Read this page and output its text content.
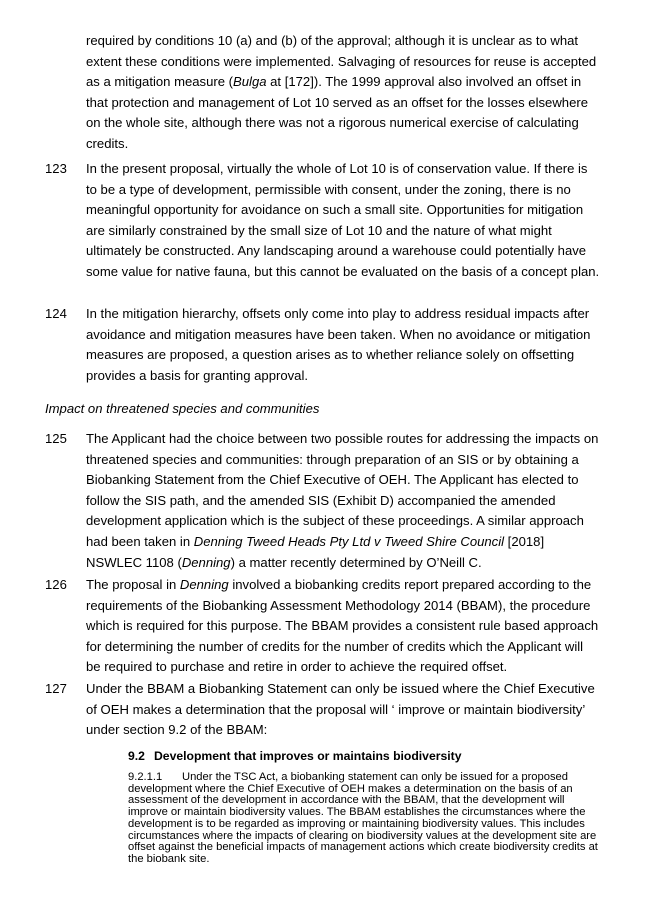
required by conditions 10 (a) and (b) of the approval; although it is unclear as to what extent these conditions were implemented. Salvaging of resources for reuse is accepted as a mitigation measure (Bulga at [172]). The 1999 approval also involved an offset in that protection and management of Lot 10 served as an offset for the losses elsewhere on the whole site, although there was not a rigorous numerical exercise of calculating credits.
123 In the present proposal, virtually the whole of Lot 10 is of conservation value. If there is to be a type of development, permissible with consent, under the zoning, there is no meaningful opportunity for avoidance on such a small site. Opportunities for mitigation are similarly constrained by the small size of Lot 10 and the nature of what might ultimately be constructed. Any landscaping around a warehouse could potentially have some value for native fauna, but this cannot be evaluated on the basis of a concept plan.
124 In the mitigation hierarchy, offsets only come into play to address residual impacts after avoidance and mitigation measures have been taken. When no avoidance or mitigation measures are proposed, a question arises as to whether reliance solely on offsetting provides a basis for granting approval.
Impact on threatened species and communities
125 The Applicant had the choice between two possible routes for addressing the impacts on threatened species and communities: through preparation of an SIS or by obtaining a Biobanking Statement from the Chief Executive of OEH. The Applicant has elected to follow the SIS path, and the amended SIS (Exhibit D) accompanied the amended development application which is the subject of these proceedings. A similar approach had been taken in Denning Tweed Heads Pty Ltd v Tweed Shire Council [2018] NSWLEC 1108 (Denning) a matter recently determined by O’Neill C.
126 The proposal in Denning involved a biobanking credits report prepared according to the requirements of the Biobanking Assessment Methodology 2014 (BBAM), the procedure which is required for this purpose. The BBAM provides a consistent rule based approach for determining the number of credits for the number of credits which the Applicant will be required to purchase and retire in order to achieve the required offset.
127 Under the BBAM a Biobanking Statement can only be issued where the Chief Executive of OEH makes a determination that the proposal will ‘ improve or maintain biodiversity’ under section 9.2 of the BBAM:
9.2 Development that improves or maintains biodiversity
9.2.1.1 Under the TSC Act, a biobanking statement can only be issued for a proposed development where the Chief Executive of OEH makes a determination on the basis of an assessment of the development in accordance with the BBAM, that the development will improve or maintain biodiversity values. The BBAM establishes the circumstances where the development is to be regarded as improving or maintaining biodiversity values. This includes circumstances where the impacts of clearing on biodiversity values at the development site are offset against the beneficial impacts of management actions which create biodiversity credits at the biobank site.
